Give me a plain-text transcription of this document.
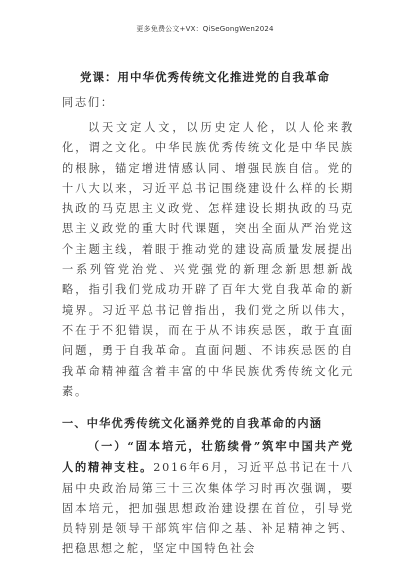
更多免费公文+VX：QiSeGongWen2024
党课：用中华优秀传统文化推进党的自我革命
同志们：
以天文定人文，以历史定人伦，以人伦来教化，谓之文化。中华民族优秀传统文化是中华民族的根脉，锚定增进情感认同、增强民族自信。党的十八大以来，习近平总书记围绕建设什么样的长期执政的马克思主义政党、怎样建设长期执政的马克思主义政党的重大时代课题，突出全面从严治党这个主题主线，着眼于推动党的建设高质量发展提出一系列管党治党、兴党强党的新理念新思想新战略，指引我们党成功开辟了百年大党自我革命的新境界。习近平总书记曾指出，我们党之所以伟大，不在于不犯错误，而在于从不讳疾忌医，敢于直面问题，勇于自我革命。直面问题、不讳疾忌医的自我革命精神蕴含着丰富的中华民族优秀传统文化元素。
一、中华优秀传统文化涵养党的自我革命的内涵
（一）“固本培元，壮筋续骨”筑牢中国共产党人的精神支柱。2016年6月，习近平总书记在十八届中央政治局第三十三次集体学习时再次强调，要固本培元，把加强思想政治建设摆在首位，引导党员特别是领导干部筑牢信仰之基、补足精神之钙、把稳思想之舵，坚定中国特色社会
